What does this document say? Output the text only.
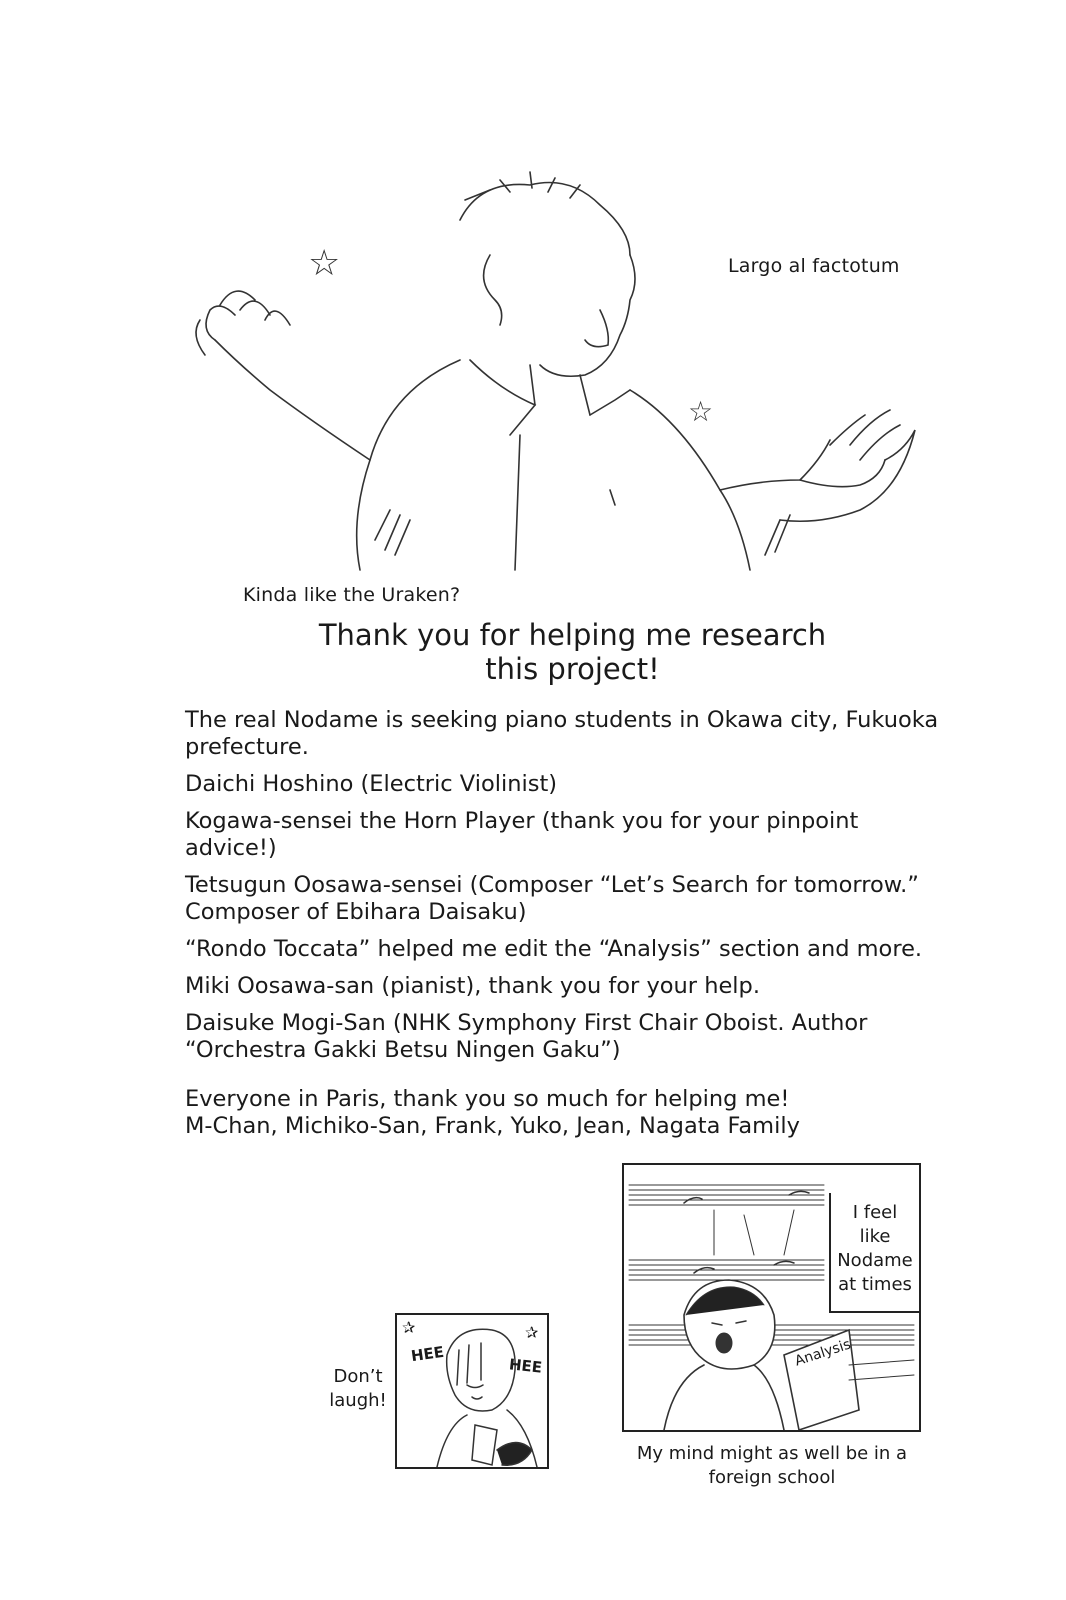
☆
☆
Largo al factotum
Kinda like the Uraken?
Thank you for helping me research this project!

The real Nodame is seeking piano students in Okawa city, Fukuoka prefecture.

Daichi Hoshino (Electric Violinist)

Kogawa-sensei the Horn Player (thank you for your pinpoint advice!)

Tetsugun Oosawa-sensei (Composer “Let’s Search for tomorrow.” Composer of Ebihara Daisaku)

“Rondo Toccata” helped me edit the “Analysis” section and more.

Miki Oosawa-san (pianist), thank you for your help.

Daisuke Mogi-San (NHK Symphony First Chair Oboist. Author “Orchestra Gakki Betsu Ningen Gaku”)

Everyone in Paris, thank you so much for helping me!

M-Chan, Michiko-San, Frank, Yuko, Jean, Nagata Family

Don’t laugh!
HEE
HEE
✰	✰
I feel like Nodame at times
Analysis
My mind might as well be in a foreign school
